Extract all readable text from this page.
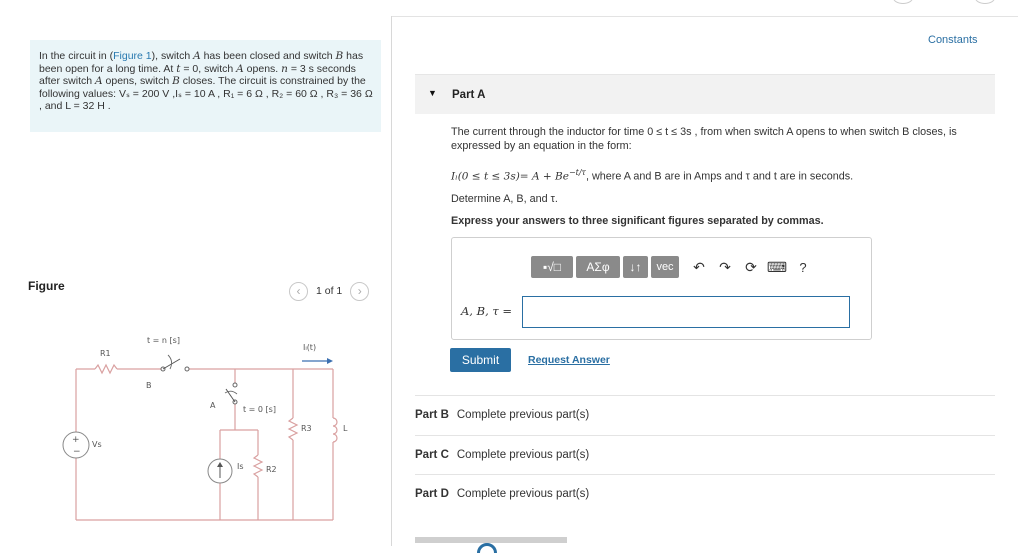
In the circuit in (Figure 1), switch A has been closed and switch B has been open for a long time. At t = 0, switch A opens. n = 3 s seconds after switch A opens, switch B closes. The circuit is constrained by the following values: Vₛ = 200 V ,Iₛ = 10 A , R₁ = 6 Ω , R₂ = 60 Ω , R₃ = 36 Ω , and L = 32 H .
Figure	‹	1 of 1	›
+
−
R1
Vs
t = n [s]
B
A	t = 0 [s]
Is	R2
R3	L
Iₗ(t)
Constants
▼ Part A
The current through the inductor for time 0 ≤ t ≤ 3s , from when switch A opens to when switch B closes, is expressed by an equation in the form:
$I_l(0 \le t \le 3s)= A + Be^{-t/\tau}$, where A and B are in Amps and τ and t are in seconds.
Determine A, B, and τ.
Express your answers to three significant figures separated by commas.
▪√□	ΑΣφ	↓↑	vec	↶	↷	⟳ ⌨ ?
A, B, τ =
Submit	Request Answer
Part B Complete previous part(s)
Part C Complete previous part(s)
Part D Complete previous part(s)
